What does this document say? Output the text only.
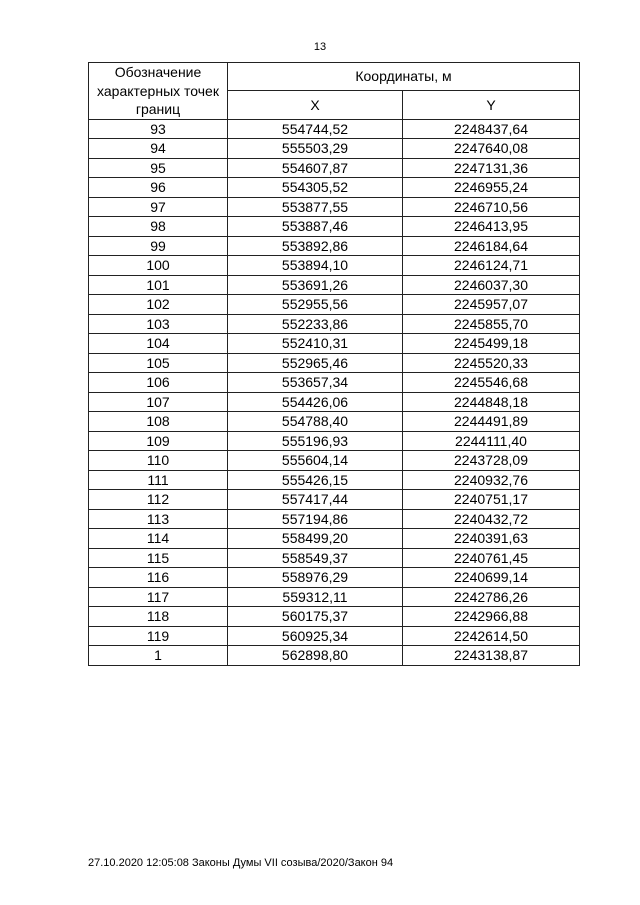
13
Обозначение
характерных точек
границ	Координаты, м	
	X	Y
93	554744,52	2248437,64
94	555503,29	2247640,08
95	554607,87	2247131,36
96	554305,52	2246955,24
97	553877,55	2246710,56
98	553887,46	2246413,95
99	553892,86	2246184,64
100	553894,10	2246124,71
101	553691,26	2246037,30
102	552955,56	2245957,07
103	552233,86	2245855,70
104	552410,31	2245499,18
105	552965,46	2245520,33
106	553657,34	2245546,68
107	554426,06	2244848,18
108	554788,40	2244491,89
109	555196,93	2244111,40
110	555604,14	2243728,09
111	555426,15	2240932,76
112	557417,44	2240751,17
113	557194,86	2240432,72
114	558499,20	2240391,63
115	558549,37	2240761,45
116	558976,29	2240699,14
117	559312,11	2242786,26
118	560175,37	2242966,88
119	560925,34	2242614,50
1	562898,80	2243138,87
27.10.2020 12:05:08 Законы Думы VII созыва/2020/Закон 94
